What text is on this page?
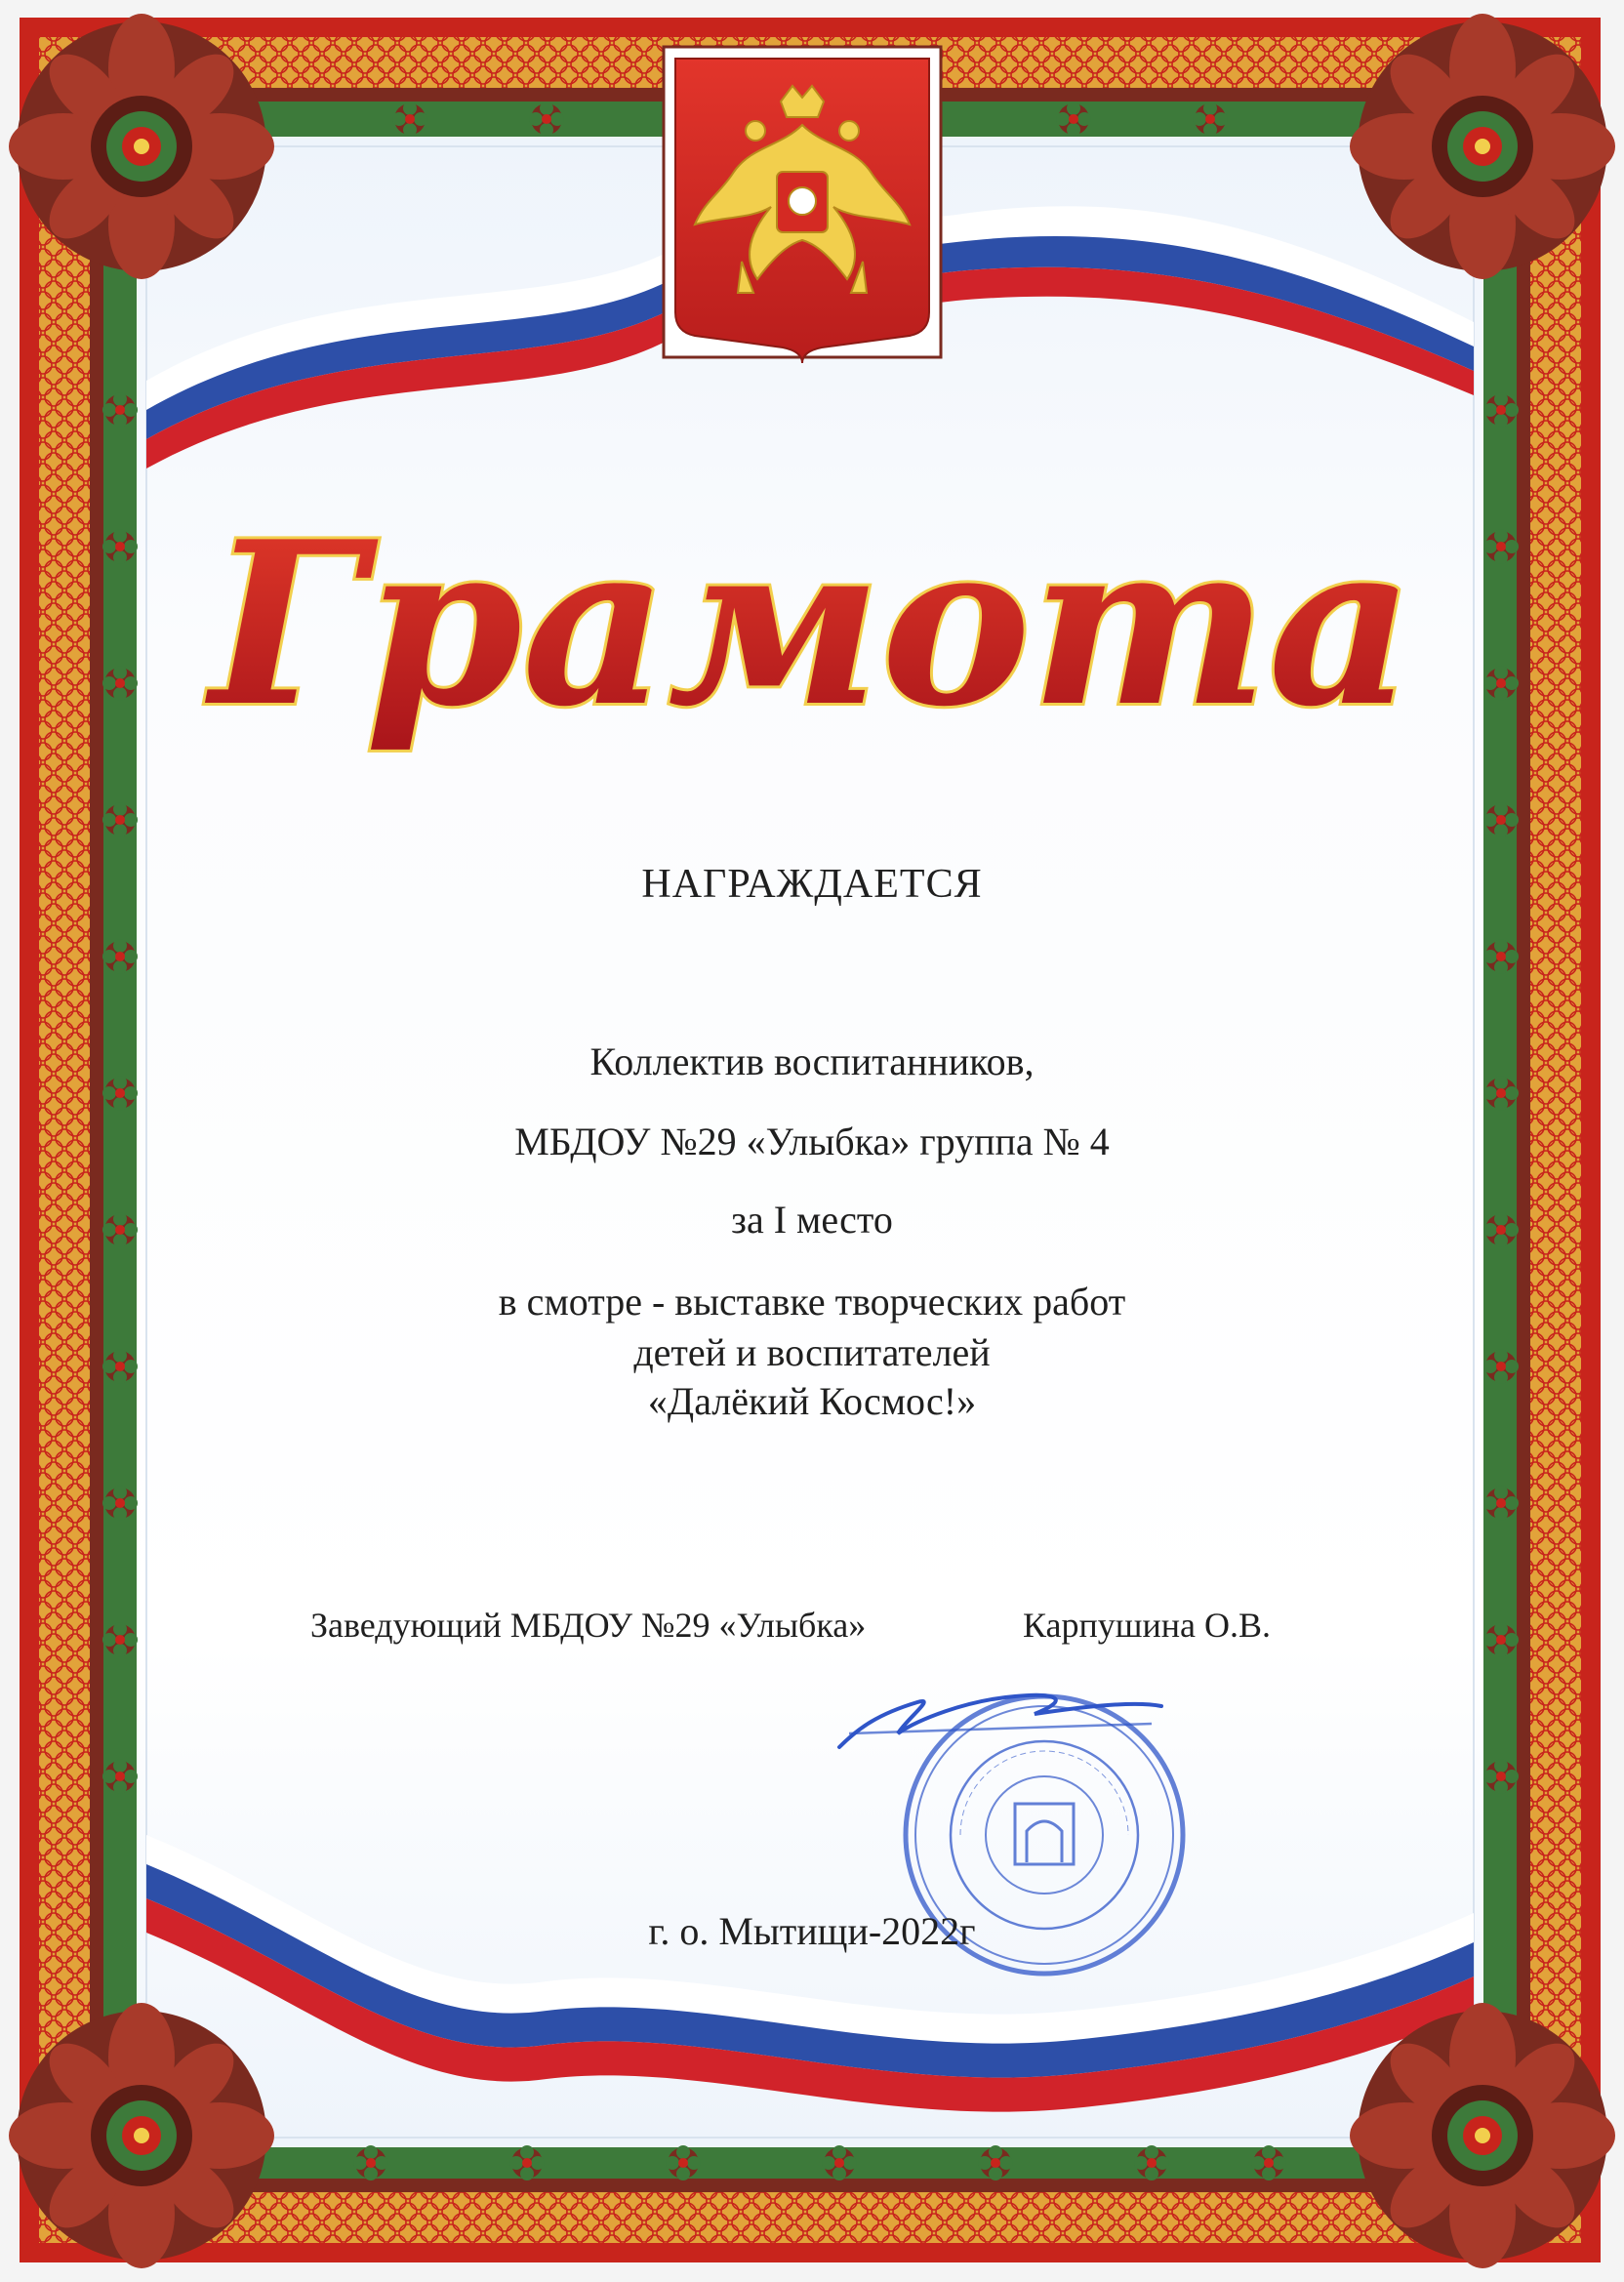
Грамота
НАГРАЖДАЕТСЯ
Коллектив воспитанников,
МБДОУ №29 «Улыбка» группа № 4
за I место
в смотре - выставке творческих работ
детей и воспитателей
«Далёкий Космос!»
Заведующий МБДОУ №29 «Улыбка»	Карпушина О.В.
г. о. Мытищи-2022г
